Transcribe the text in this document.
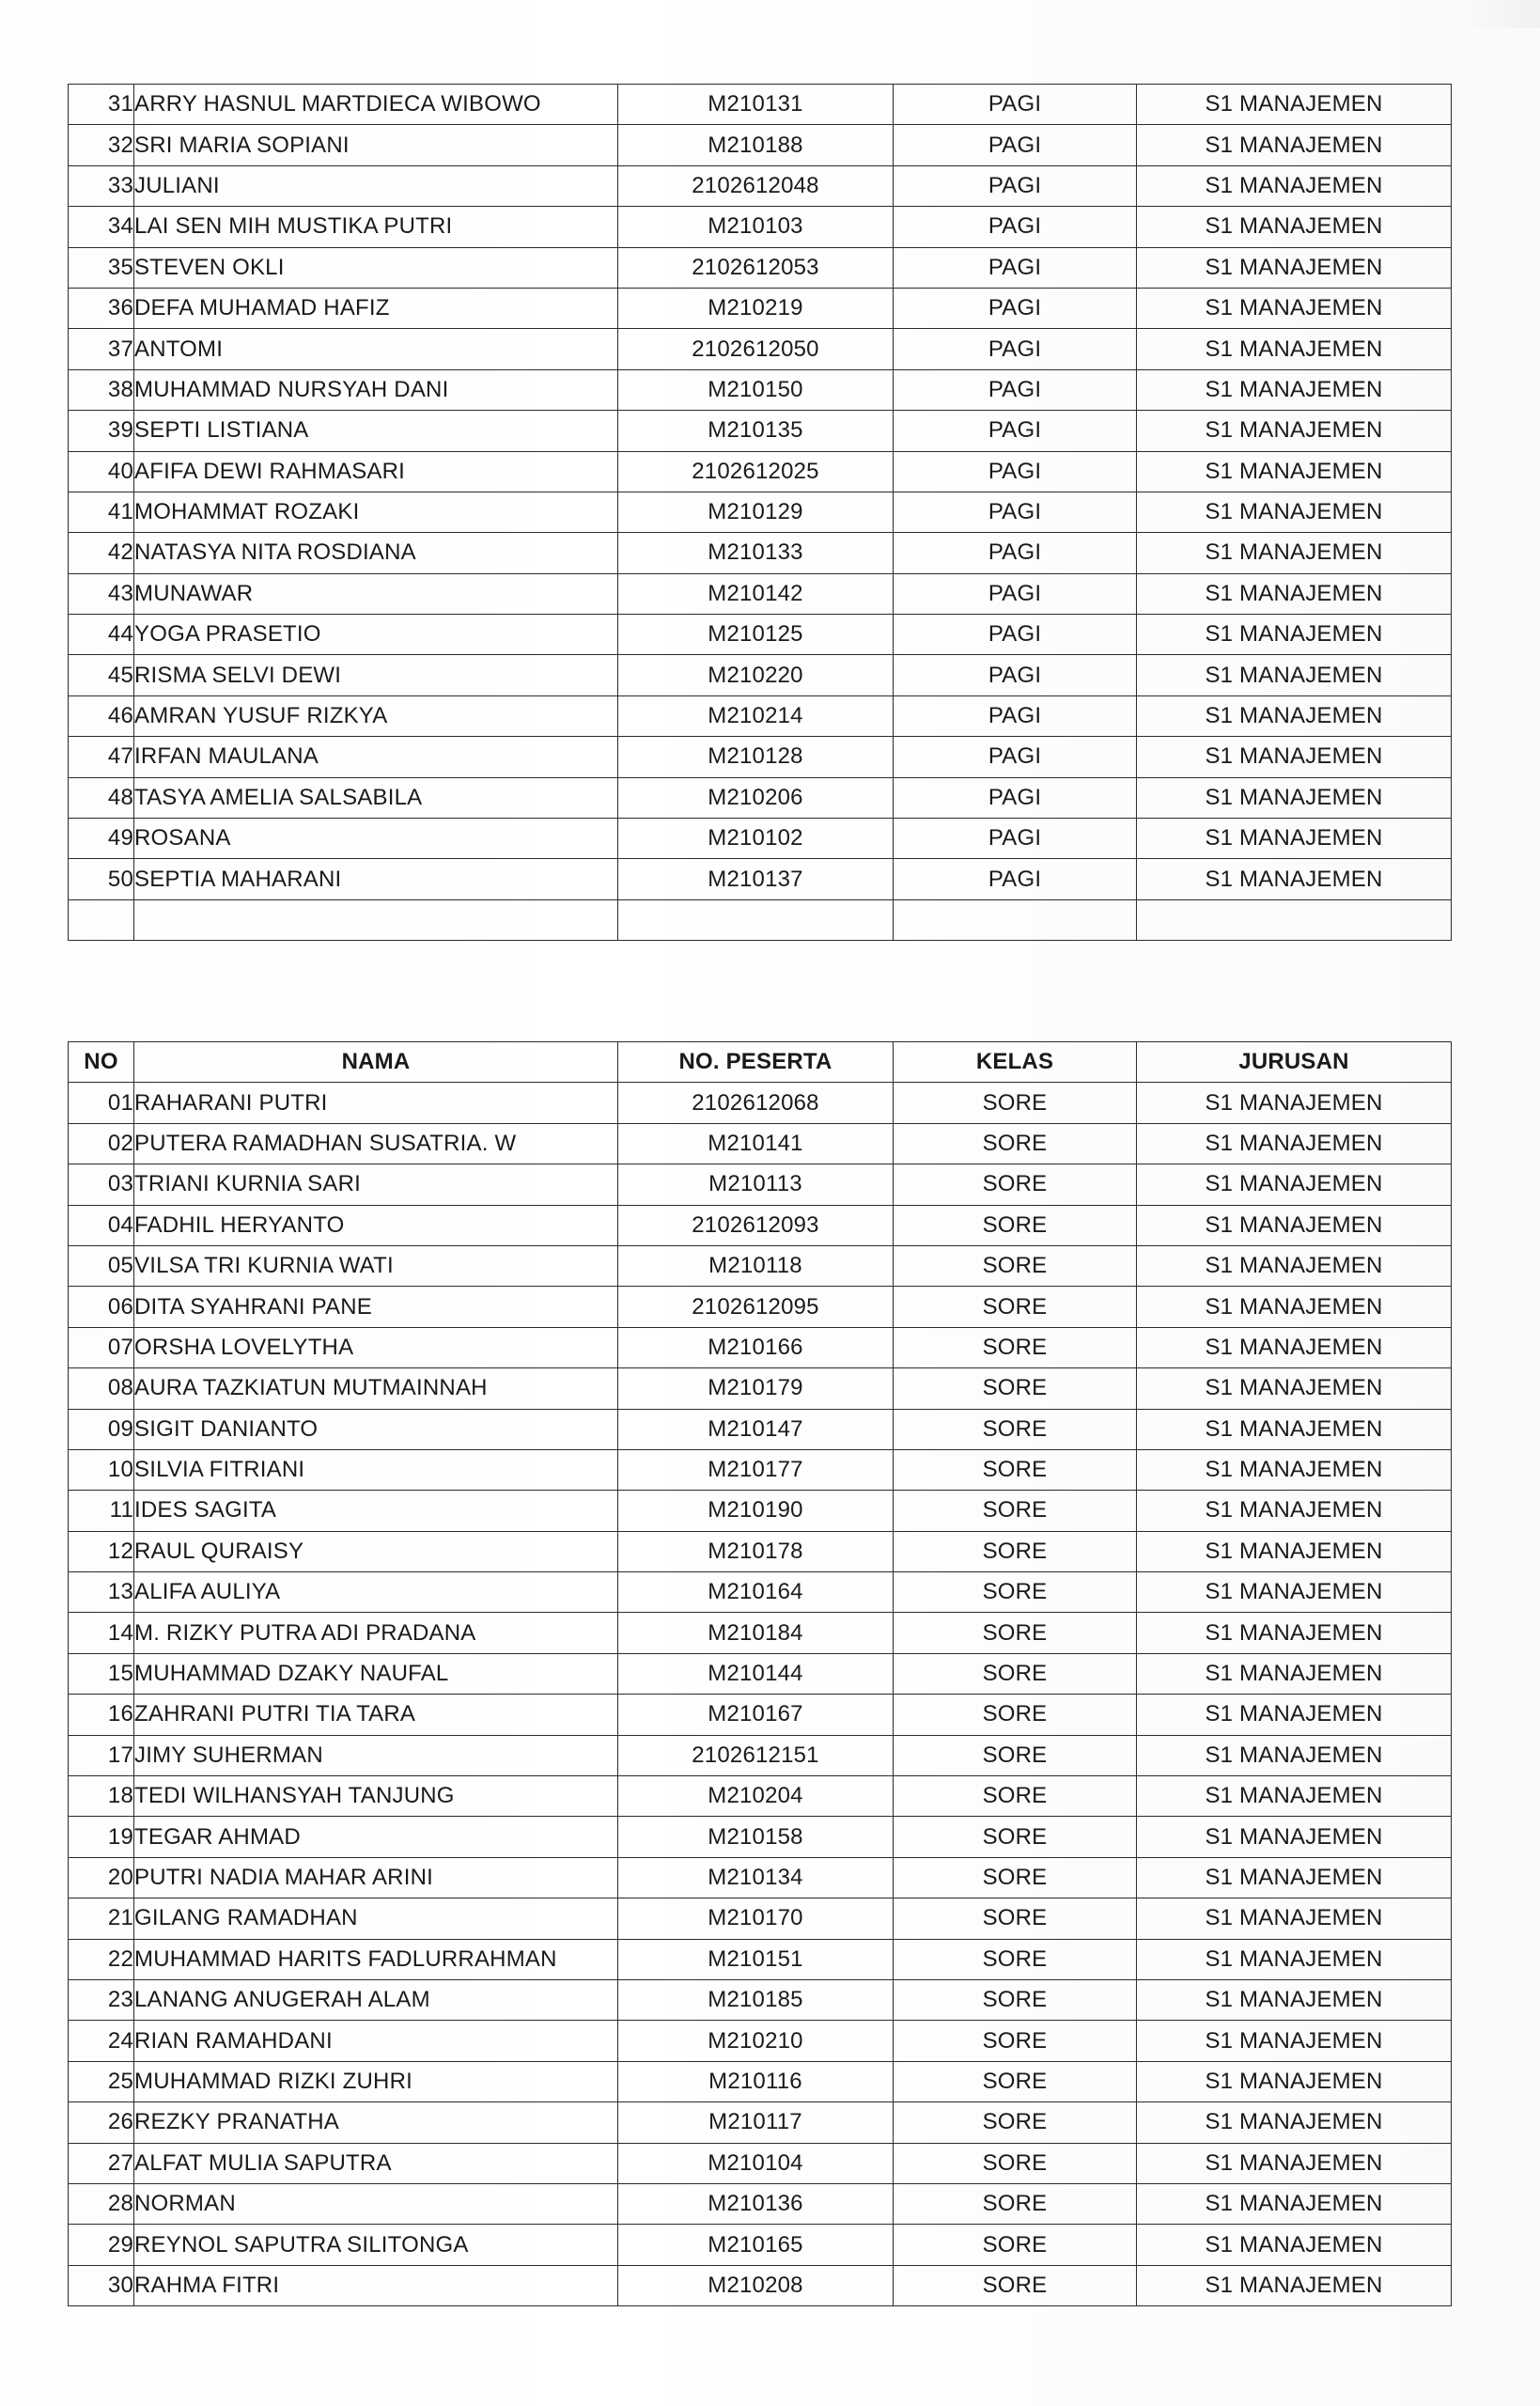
31	ARRY HASNUL MARTDIECA WIBOWO	M210131	PAGI	S1 MANAJEMEN
32	SRI MARIA SOPIANI	M210188	PAGI	S1 MANAJEMEN
33	JULIANI	2102612048	PAGI	S1 MANAJEMEN
34	LAI SEN MIH MUSTIKA PUTRI	M210103	PAGI	S1 MANAJEMEN
35	STEVEN OKLI	2102612053	PAGI	S1 MANAJEMEN
36	DEFA MUHAMAD HAFIZ	M210219	PAGI	S1 MANAJEMEN
37	ANTOMI	2102612050	PAGI	S1 MANAJEMEN
38	MUHAMMAD NURSYAH DANI	M210150	PAGI	S1 MANAJEMEN
39	SEPTI LISTIANA	M210135	PAGI	S1 MANAJEMEN
40	AFIFA DEWI RAHMASARI	2102612025	PAGI	S1 MANAJEMEN
41	MOHAMMAT ROZAKI	M210129	PAGI	S1 MANAJEMEN
42	NATASYA NITA ROSDIANA	M210133	PAGI	S1 MANAJEMEN
43	MUNAWAR	M210142	PAGI	S1 MANAJEMEN
44	YOGA PRASETIO	M210125	PAGI	S1 MANAJEMEN
45	RISMA SELVI DEWI	M210220	PAGI	S1 MANAJEMEN
46	AMRAN YUSUF RIZKYA	M210214	PAGI	S1 MANAJEMEN
47	IRFAN MAULANA	M210128	PAGI	S1 MANAJEMEN
48	TASYA AMELIA SALSABILA	M210206	PAGI	S1 MANAJEMEN
49	ROSANA	M210102	PAGI	S1 MANAJEMEN
50	SEPTIA MAHARANI	M210137	PAGI	S1 MANAJEMEN

NO	NAMA	NO. PESERTA	KELAS	JURUSAN
01	RAHARANI PUTRI	2102612068	SORE	S1 MANAJEMEN
02	PUTERA RAMADHAN SUSATRIA. W	M210141	SORE	S1 MANAJEMEN
03	TRIANI KURNIA SARI	M210113	SORE	S1 MANAJEMEN
04	FADHIL HERYANTO	2102612093	SORE	S1 MANAJEMEN
05	VILSA TRI KURNIA WATI	M210118	SORE	S1 MANAJEMEN
06	DITA SYAHRANI PANE	2102612095	SORE	S1 MANAJEMEN
07	ORSHA LOVELYTHA	M210166	SORE	S1 MANAJEMEN
08	AURA TAZKIATUN MUTMAINNAH	M210179	SORE	S1 MANAJEMEN
09	SIGIT DANIANTO	M210147	SORE	S1 MANAJEMEN
10	SILVIA FITRIANI	M210177	SORE	S1 MANAJEMEN
11	IDES SAGITA	M210190	SORE	S1 MANAJEMEN
12	RAUL QURAISY	M210178	SORE	S1 MANAJEMEN
13	ALIFA AULIYA	M210164	SORE	S1 MANAJEMEN
14	M. RIZKY PUTRA ADI PRADANA	M210184	SORE	S1 MANAJEMEN
15	MUHAMMAD DZAKY NAUFAL	M210144	SORE	S1 MANAJEMEN
16	ZAHRANI PUTRI TIA TARA	M210167	SORE	S1 MANAJEMEN
17	JIMY SUHERMAN	2102612151	SORE	S1 MANAJEMEN
18	TEDI WILHANSYAH TANJUNG	M210204	SORE	S1 MANAJEMEN
19	TEGAR AHMAD	M210158	SORE	S1 MANAJEMEN
20	PUTRI NADIA MAHAR ARINI	M210134	SORE	S1 MANAJEMEN
21	GILANG RAMADHAN	M210170	SORE	S1 MANAJEMEN
22	MUHAMMAD HARITS FADLURRAHMAN	M210151	SORE	S1 MANAJEMEN
23	LANANG ANUGERAH ALAM	M210185	SORE	S1 MANAJEMEN
24	RIAN RAMAHDANI	M210210	SORE	S1 MANAJEMEN
25	MUHAMMAD RIZKI ZUHRI	M210116	SORE	S1 MANAJEMEN
26	REZKY PRANATHA	M210117	SORE	S1 MANAJEMEN
27	ALFAT MULIA SAPUTRA	M210104	SORE	S1 MANAJEMEN
28	NORMAN	M210136	SORE	S1 MANAJEMEN
29	REYNOL SAPUTRA SILITONGA	M210165	SORE	S1 MANAJEMEN
30	RAHMA FITRI	M210208	SORE	S1 MANAJEMEN
